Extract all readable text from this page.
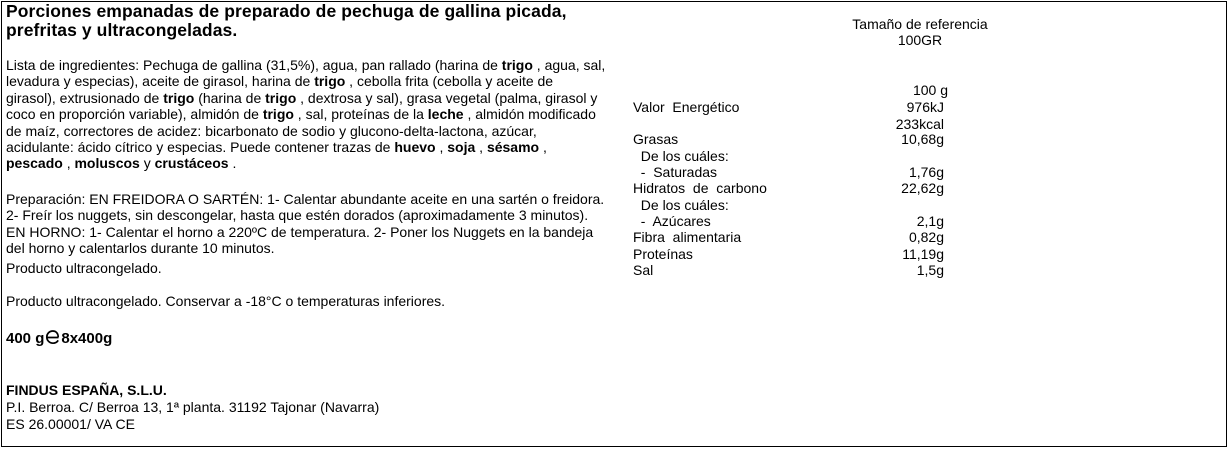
Porciones empanadas de preparado de pechuga de gallina picada, prefritas y ultracongeladas.
Lista de ingredientes: Pechuga de gallina (31,5%), agua, pan rallado (harina de trigo , agua, sal, levadura y especias), aceite de girasol, harina de trigo , cebolla frita (cebolla y aceite de girasol), extrusionado de trigo (harina de trigo , dextrosa y sal), grasa vegetal (palma, girasol y coco en proporción variable), almidón de trigo , sal, proteínas de la leche , almidón modificado de maíz, correctores de acidez: bicarbonato de sodio y glucono-delta-lactona, azúcar, acidulante: ácido cítrico y especias. Puede contener trazas de huevo , soja , sésamo , pescado , moluscos y crustáceos .
Preparación: EN FREIDORA O SARTÉN: 1- Calentar abundante aceite en una sartén o freidora. 2- Freír los nuggets, sin descongelar, hasta que estén dorados (aproximadamente 3 minutos). EN HORNO: 1- Calentar el horno a 220ºC de temperatura. 2- Poner los Nuggets en la bandeja del horno y calentarlos durante 10 minutos.
Producto ultracongelado.
Producto ultracongelado. Conservar a -18°C o temperaturas inferiores.
400 g 8x400g
FINDUS ESPAÑA, S.L.U.
P.I. Berroa. C/ Berroa 13, 1ª planta. 31192 Tajonar (Navarra)
ES 26.00001/ VA CE
Tamaño de referencia
100GR
100 g
Valor  Energético	976kJ
233kcal
Grasas	10,68g
De los cuáles:
-  Saturadas	1,76g
Hidratos  de  carbono	22,62g
De los cuáles:
-  Azúcares	2,1g
Fibra  alimentaria	0,82g
Proteínas	11,19g
Sal	1,5g
